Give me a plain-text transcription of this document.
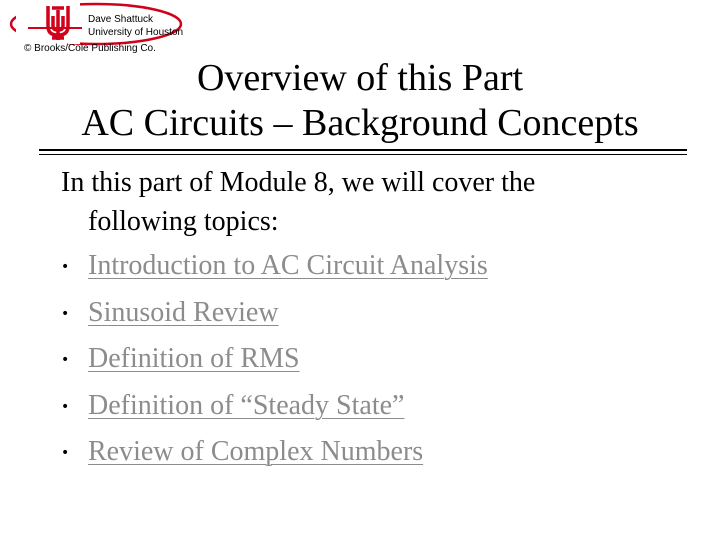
Dave Shattuck
University of Houston
© Brooks/Cole Publishing Co.
Overview of this Part
AC Circuits – Background Concepts
In this part of Module 8, we will cover the
following topics:
• Introduction to AC Circuit Analysis
• Sinusoid Review
• Definition of RMS
• Definition of “Steady State”
• Review of Complex Numbers
